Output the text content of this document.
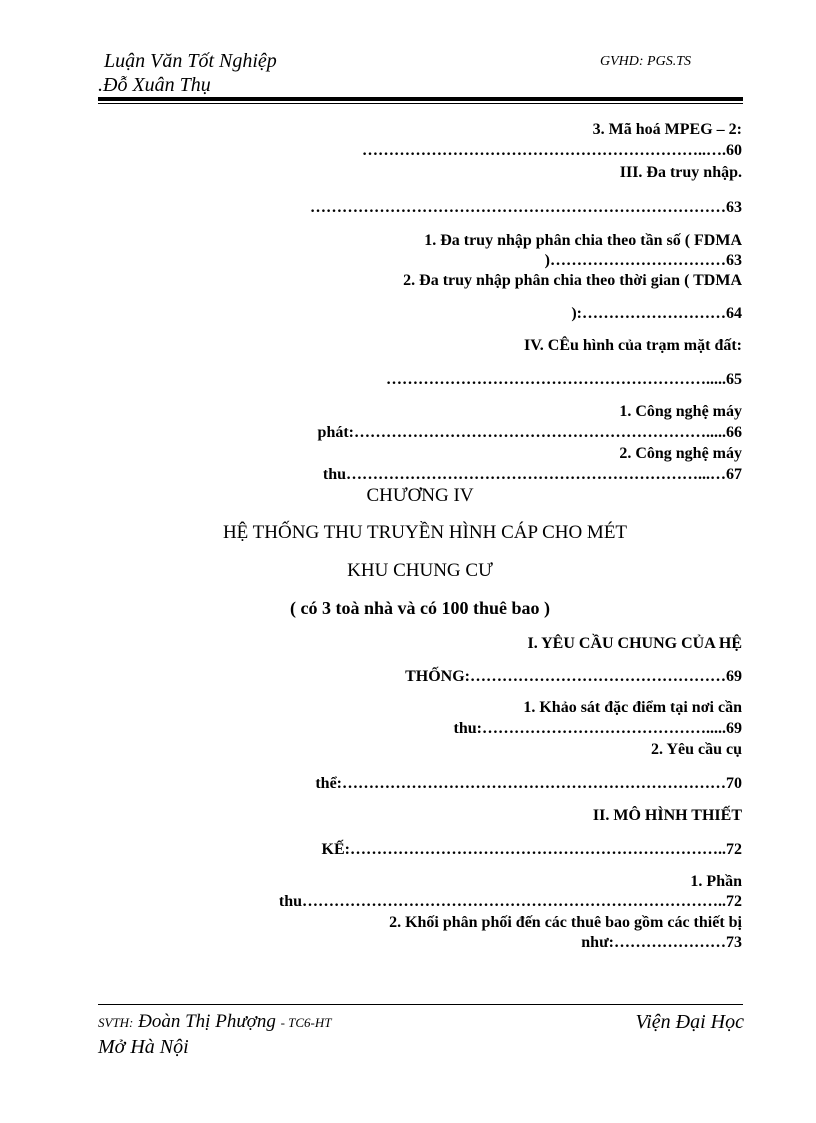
Luận Văn Tốt Nghiệp
.Đỗ Xuân Thụ
GVHD: PGS.TS
3. Mã hoá MPEG – 2:
………………………………………………………..….60
III. Đa truy nhập.
……………………………………………………………………63
1. Đa truy nhập phân chia theo tần số ( FDMA
)……………………………63
2. Đa truy nhập phân chia theo thời gian ( TDMA
):………………………64
IV. CÊu hình của trạm mặt đất:
…………………………………………………….....65
1. Công nghệ máy
phát:………………………………………………………….....66
2. Công nghệ máy
thu…………………………………………………………...…67
CHƯƠNG IV
HỆ THỐNG THU TRUYỀN HÌNH CÁP CHO MÉT
KHU CHUNG CƯ
( có 3 toà nhà và có 100 thuê bao )
I. YÊU CẦU CHUNG CỦA HỆ
THỐNG:…………………………………………69
1. Khảo sát đặc điểm tại nơi cần
thu:…………………………………….....69
2. Yêu cầu cụ
thể:………………………………………………………………70
II. MÔ HÌNH THIẾT
KẾ:……………………………………………………………..72
1. Phần
thu……………………………………………………………………..72
2. Khối phân phối đến các thuê bao gồm các thiết bị
như:…………………73
SVTH: Đoàn Thị Phượng - TC6-HT	Viện Đại Học
Mở Hà Nội
